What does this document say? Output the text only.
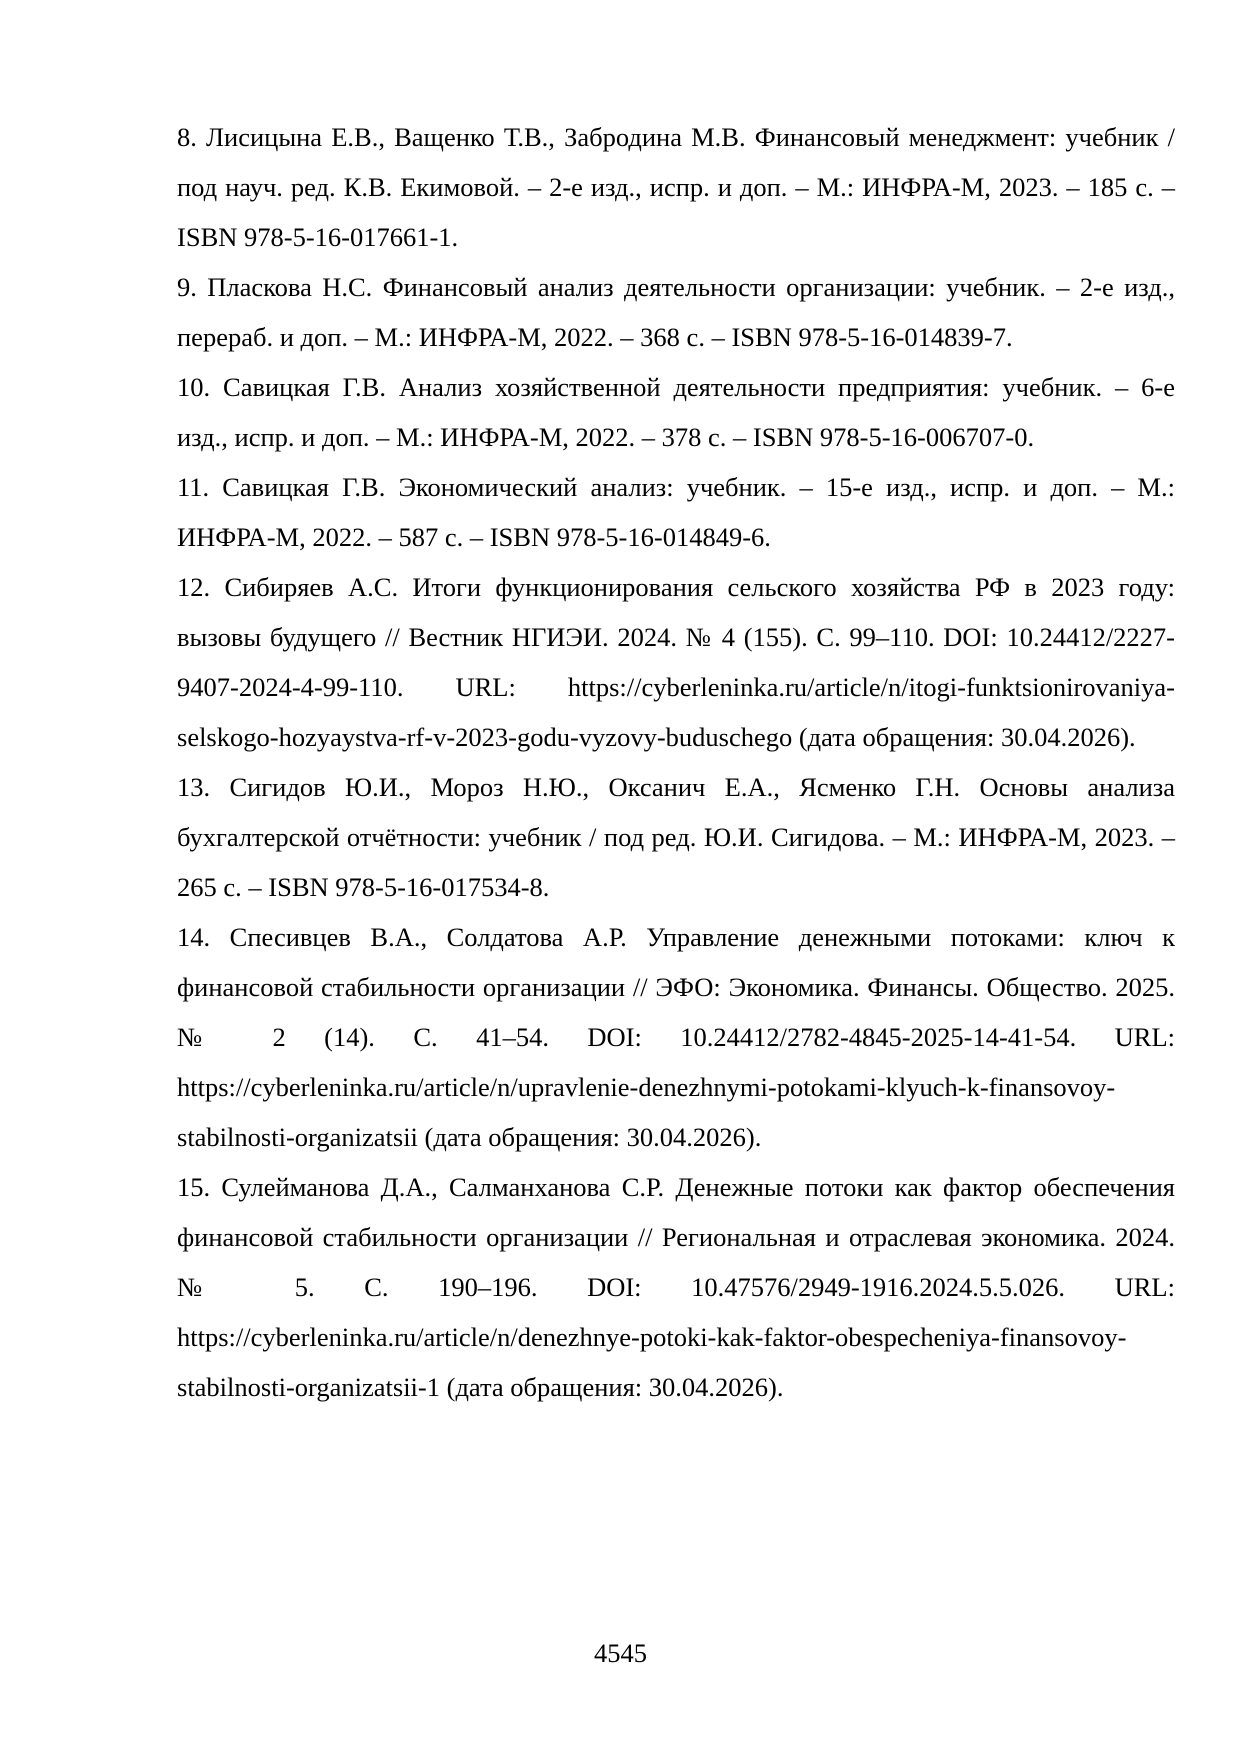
8. Лисицына Е.В., Ващенко Т.В., Забродина М.В. Финансовый менеджмент: учебник / под науч. ред. К.В. Екимовой. – 2-е изд., испр. и доп. – М.: ИНФРА-М, 2023. – 185 с. – ISBN 978-5-16-017661-1.

9. Пласкова Н.С. Финансовый анализ деятельности организации: учебник. – 2-е изд., перераб. и доп. – М.: ИНФРА-М, 2022. – 368 с. – ISBN 978-5-16-014839-7.

10. Савицкая Г.В. Анализ хозяйственной деятельности предприятия: учебник. – 6-е изд., испр. и доп. – М.: ИНФРА-М, 2022. – 378 с. – ISBN 978-5-16-006707-0.

11. Савицкая Г.В. Экономический анализ: учебник. – 15-е изд., испр. и доп. – М.: ИНФРА-М, 2022. – 587 с. – ISBN 978-5-16-014849-6.

12. Сибиряев А.С. Итоги функционирования сельского хозяйства РФ в 2023 году: вызовы будущего // Вестник НГИЭИ. 2024. № 4 (155). С. 99–110. DOI: 10.24412/2227-9407-2024-4-99-110. URL: https://cyberleninka.ru/article/n/itogi-funktsionirovaniya-selskogo-hozyaystva-rf-v-2023-godu-vyzovy-buduschego (дата обращения: 30.04.2026).

13. Сигидов Ю.И., Мороз Н.Ю., Оксанич Е.А., Ясменко Г.Н. Основы анализа бухгалтерской отчётности: учебник / под ред. Ю.И. Сигидова. – М.: ИНФРА-М, 2023. – 265 с. – ISBN 978-5-16-017534-8.

14. Спесивцев В.А., Солдатова А.Р. Управление денежными потоками: ключ к финансовой стабильности организации // ЭФО: Экономика. Финансы. Общество. 2025. № 2 (14). С. 41–54. DOI: 10.24412/2782-4845-2025-14-41-54. URL: https://cyberleninka.ru/article/n/upravlenie-denezhnymi-potokami-klyuch-k-finansovoy-stabilnosti-organizatsii (дата обращения: 30.04.2026).

15. Сулейманова Д.А., Салманханова С.Р. Денежные потоки как фактор обеспечения финансовой стабильности организации // Региональная и отраслевая экономика. 2024. № 5. С. 190–196. DOI: 10.47576/2949-1916.2024.5.5.026. URL: https://cyberleninka.ru/article/n/denezhnye-potoki-kak-faktor-obespecheniya-finansovoy-stabilnosti-organizatsii-1 (дата обращения: 30.04.2026).

4545
